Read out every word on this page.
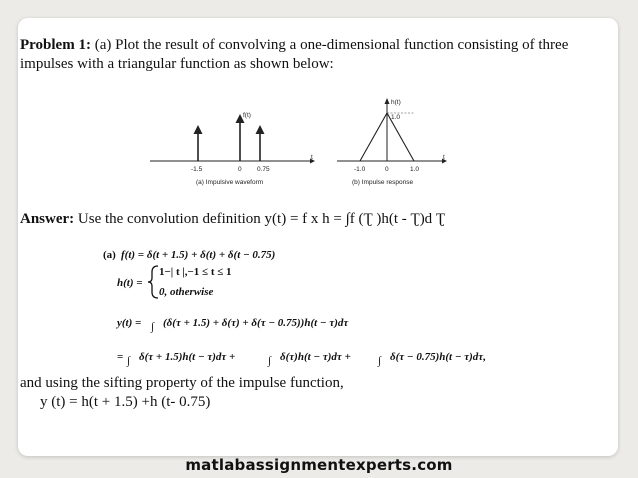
Problem 1: (a) Plot the result of convolving a one-dimensional function consisting of three impulses with a triangular function as shown below:
f(t)
t
-1.5	0 0.75
(a) Impulsive waveform
h(t)
1.0
t
-1.0	0	1.0
(b) Impulse response
(a) f(t) = δ(t + 1.5) + δ(t) + δ(t − 0.75)
h(t) =
1−| t |,−1 ≤ t ≤ 1
0, otherwise
y(t) = ∫ (δ(τ + 1.5) + δ(τ) + δ(τ − 0.75))h(t − τ)dτ
= ∫ δ(τ + 1.5)h(t − τ)dτ +	∫ δ(τ)h(t − τ)dτ + ∫ δ(τ − 0.75)h(t − τ)dτ,
Answer: Use the convolution definition y(t) = f x h = ∫f (Ʈ )h(t - Ʈ)d Ʈ
and using the sifting property of the impulse function,
y (t) = h(t + 1.5) +h (t- 0.75)
matlabassignmentexperts.com
